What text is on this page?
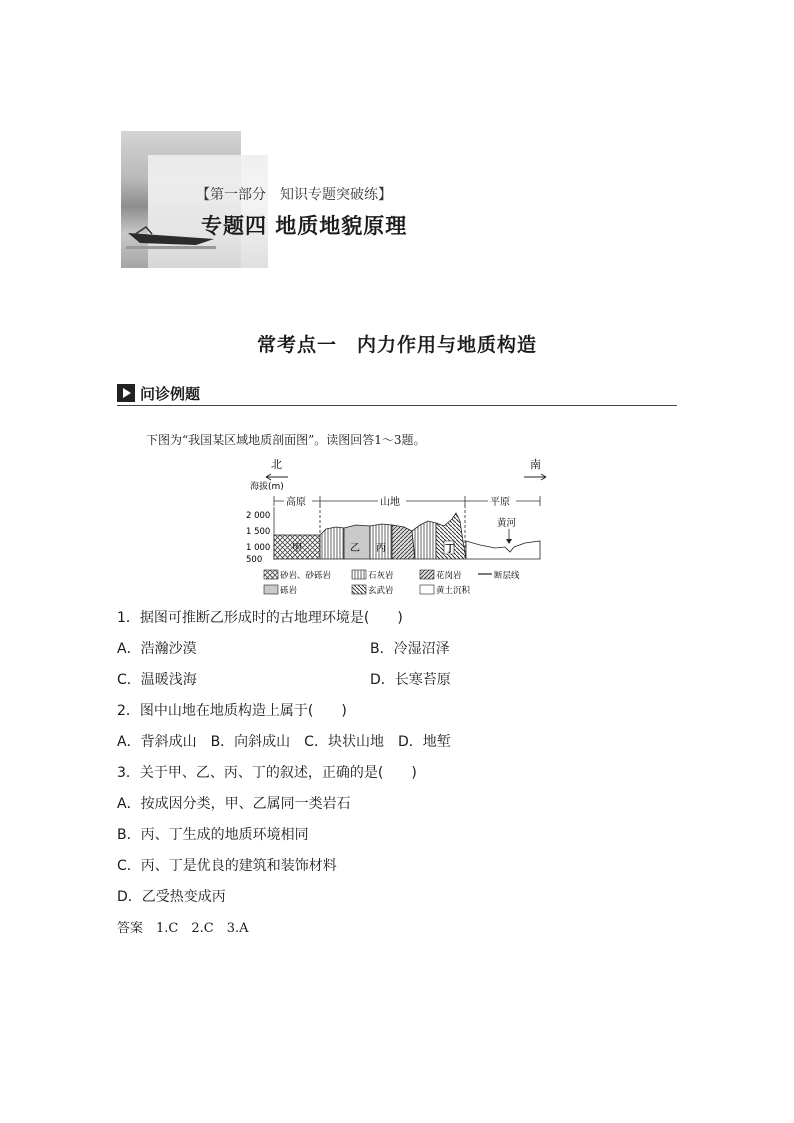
【第一部分　知识专题突破练】
专题四 地质地貌原理
常考点一　内力作用与地质构造
问诊例题
下图为“我国某区域地质剖面图”。读图回答1～3题。
北	南
海拔(m)
高原	山地	平原
2 000
1 500
1 000
500
甲	乙 丙	丁
黄河
砂岩、砂砾岩	石灰岩	花岗岩	断层线
砾岩	玄武岩	黄土沉积
1．据图可推断乙形成时的古地理环境是(　　)
A．浩瀚沙漠	B．冷湿沼泽
C．温暖浅海	D．长寒苔原
2．图中山地在地质构造上属于(　　)
A．背斜成山　B．向斜成山　C．块状山地　D．地堑
3．关于甲、乙、丙、丁的叙述，正确的是(　　)
A．按成因分类，甲、乙属同一类岩石
B．丙、丁生成的地质环境相同
C．丙、丁是优良的建筑和装饰材料
D．乙受热变成丙
答案　1.C　2.C　3.A
